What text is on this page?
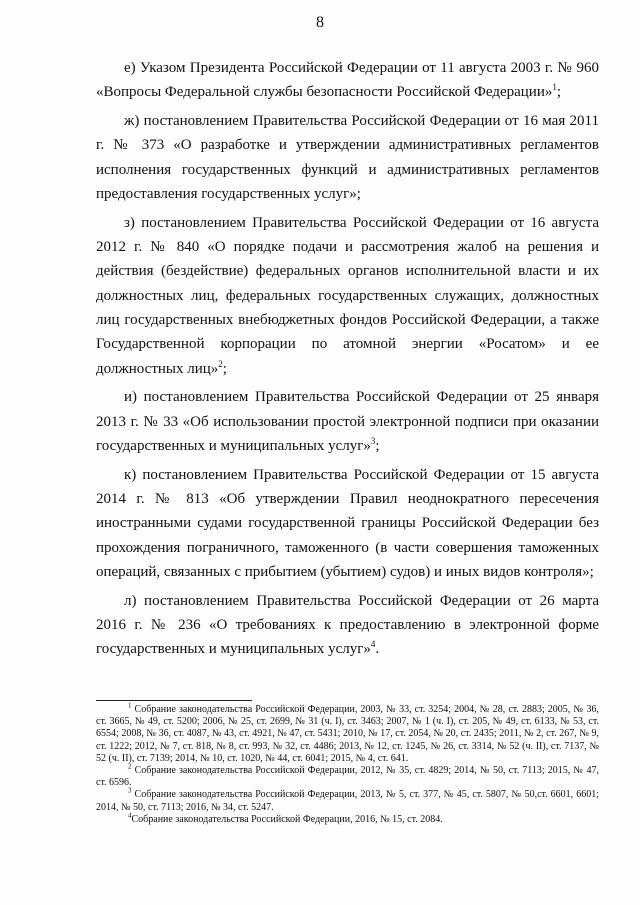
8

е) Указом Президента Российской Федерации от 11 августа 2003 г. № 960 «Вопросы Федеральной службы безопасности Российской Федерации»$^1$;

ж) постановлением Правительства Российской Федерации от 16 мая 2011 г. № 373 «О разработке и утверждении административных регламентов исполнения государственных функций и административных регламентов предоставления государственных услуг»;

з) постановлением Правительства Российской Федерации от 16 августа 2012 г. № 840 «О порядке подачи и рассмотрения жалоб на решения и действия (бездействие) федеральных органов исполнительной власти и их должностных лиц, федеральных государственных служащих, должностных лиц государственных внебюджетных фондов Российской Федерации, а также Государственной корпорации по атомной энергии «Росатом» и ее должностных лиц»$^2$;

и) постановлением Правительства Российской Федерации от 25 января 2013 г. № 33 «Об использовании простой электронной подписи при оказании государственных и муниципальных услуг»$^3$;

к) постановлением Правительства Российской Федерации от 15 августа 2014 г. № 813 «Об утверждении Правил неоднократного пересечения иностранными судами государственной границы Российской Федерации без прохождения пограничного, таможенного (в части совершения таможенных операций, связанных с прибытием (убытием) судов) и иных видов контроля»;

л) постановлением Правительства Российской Федерации от 26 марта 2016 г. № 236 «О требованиях к предоставлению в электронной форме государственных и муниципальных услуг»$^4$.

$^1$ Собрание законодательства Российской Федерации, 2003, № 33, ст. 3254; 2004, № 28, ст. 2883; 2005, № 36, ст. 3665, № 49, ст. 5200; 2006, № 25, ст. 2699, № 31 (ч. I), ст. 3463; 2007, № 1 (ч. I), ст. 205, № 49, ст. 6133, № 53, ст. 6554; 2008, № 36, ст. 4087, № 43, ст. 4921, № 47, ст. 5431; 2010, № 17, ст. 2054, № 20, ст. 2435; 2011, № 2, ст. 267, № 9, ст. 1222; 2012, № 7, ст. 818, № 8, ст. 993, № 32, ст. 4486; 2013, № 12, ст. 1245, № 26, ст. 3314, № 52 (ч. II), ст. 7137, № 52 (ч. II), ст. 7139; 2014, № 10, ст. 1020, № 44, ст. 6041; 2015, № 4, ст. 641.

$^2$ Собрание законодательства Российской Федерации, 2012, № 35, ст. 4829; 2014, № 50, ст. 7113; 2015, № 47, ст. 6596.

$^3$ Собрание законодательства Российской Федерации, 2013, № 5, ст. 377, № 45, ст. 5807, № 50,ст. 6601, 6601; 2014, № 50, ст. 7113; 2016, № 34, ст. 5247.

$^4$Собрание законодательства Российской Федерации, 2016, № 15, ст. 2084.
